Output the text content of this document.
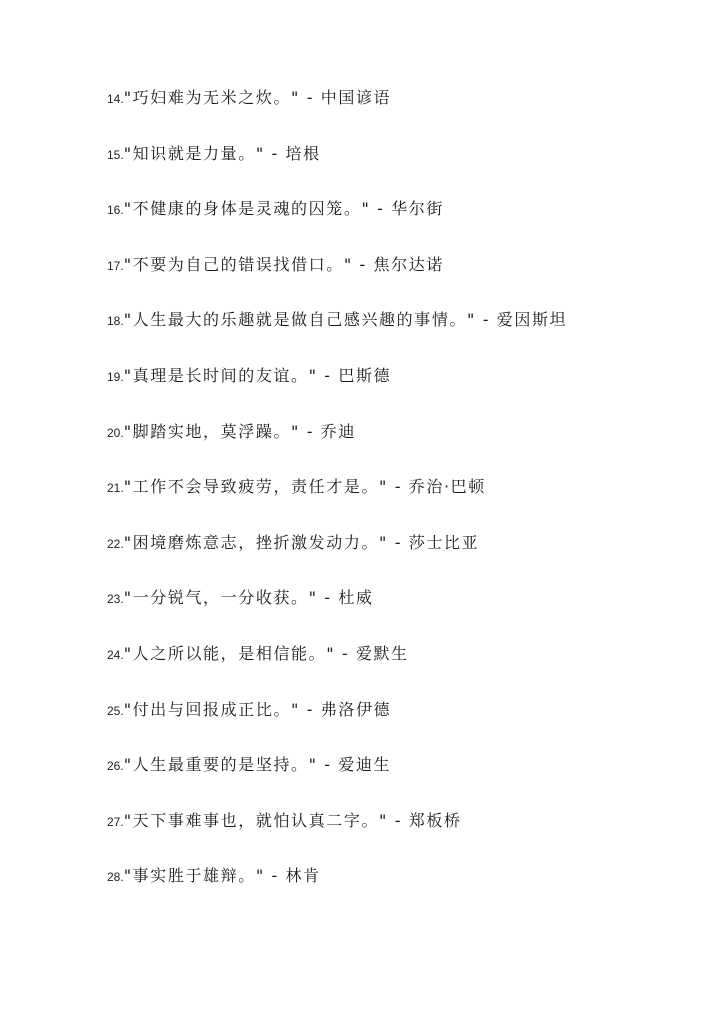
14."巧妇难为无米之炊。" - 中国谚语
15."知识就是力量。" - 培根
16."不健康的身体是灵魂的囚笼。" - 华尔街
17."不要为自己的错误找借口。" - 焦尔达诺
18."人生最大的乐趣就是做自己感兴趣的事情。" - 爱因斯坦
19."真理是长时间的友谊。" - 巴斯德
20."脚踏实地，莫浮躁。" - 乔迪
21."工作不会导致疲劳，责任才是。" - 乔治·巴顿
22."困境磨炼意志，挫折激发动力。" - 莎士比亚
23."一分锐气，一分收获。" - 杜威
24."人之所以能，是相信能。" - 爱默生
25."付出与回报成正比。" - 弗洛伊德
26."人生最重要的是坚持。" - 爱迪生
27."天下事难事也，就怕认真二字。" - 郑板桥
28."事实胜于雄辩。" - 林肯
